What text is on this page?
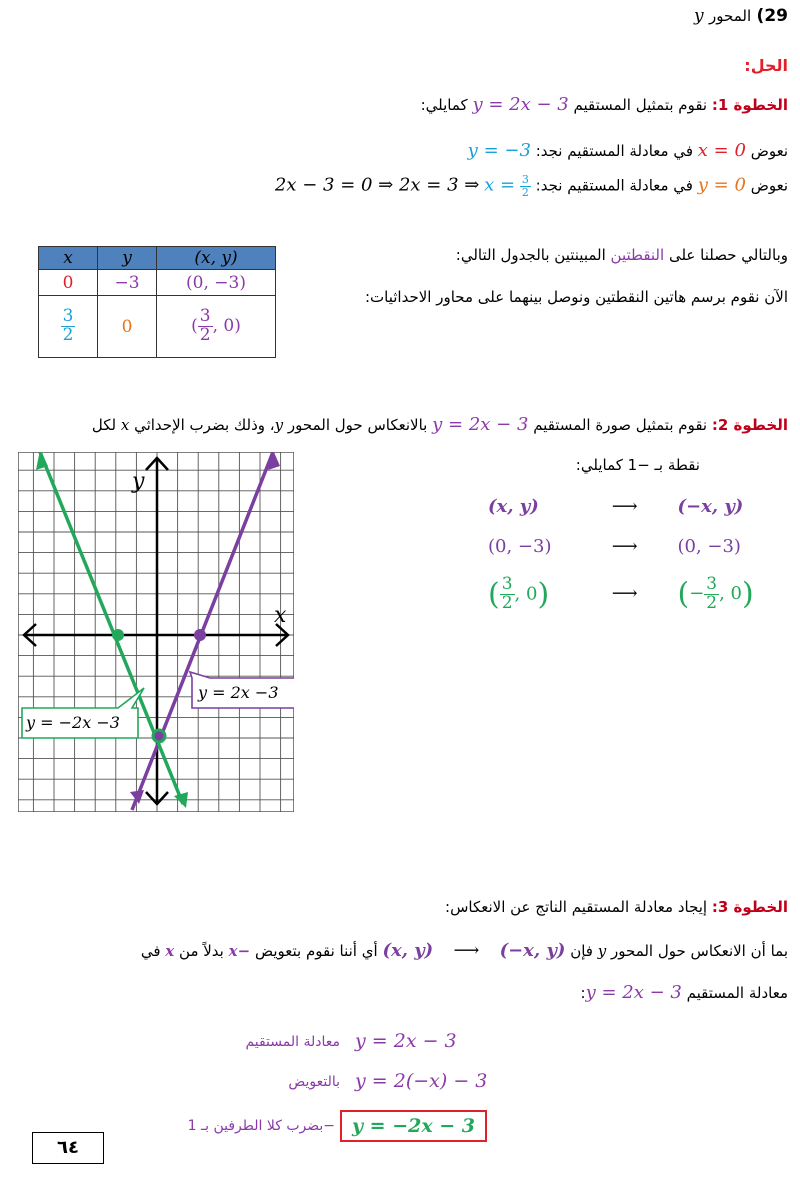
29) المحور y
الحل:
الخطوة 1: نقوم بتمثيل المستقيم y = 2x − 3 كمايلي:
نعوض x = 0 في معادلة المستقيم نجد: y = −3
نعوض y = 0 في معادلة المستقيم نجد: 2x − 3 = 0 ⇒ 2x = 3 ⇒ $x = \frac{3}{2}$
وبالتالي حصلنا على النقطتين المبينتين بالجدول التالي:
الآن نقوم برسم هاتين النقطتين ونوصل بينهما على محاور الاحداثيات:
x	y	(x, y)
0	−3	(0, −3)

$\frac{3}{2}$	0	( $\frac{3}{2}$ , 0)
الخطوة 2: نقوم بتمثيل صورة المستقيم y = 2x − 3 بالانعكاس حول المحور y، وذلك بضرب الإحداثي x لكل
نقطة بـ −1 كمايلي:
(x, y)	⟶ (−x, y)
(0, −3)	⟶ (0, −3)
( $\frac{3}{2}$ , 0)	⟶ (− $\frac{3}{2}$ , 0)
y
x
y = 2x −3
y = −2x −3
الخطوة 3: إيجاد معادلة المستقيم الناتج عن الانعكاس:
بما أن الانعكاس حول المحور y فإن (x, y) ⟶ (−x, y) أي أننا نقوم بتعويض −x بدلاً من x في
معادلة المستقيم y = 2x − 3:
معادلة المستقيم y = 2x − 3
بالتعويض y = 2(−x) − 3
بضرب كلا الطرفين بـ 1− y = −2x − 3
٦٤
